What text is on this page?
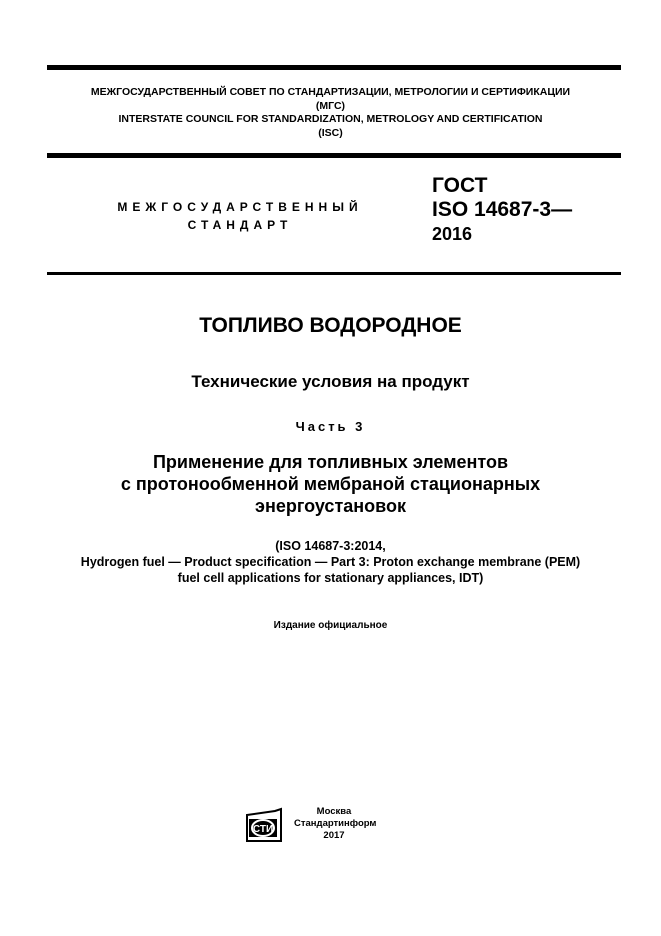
МЕЖГОСУДАРСТВЕННЫЙ СОВЕТ ПО СТАНДАРТИЗАЦИИ, МЕТРОЛОГИИ И СЕРТИФИКАЦИИ
(МГС)
INTERSTATE COUNCIL FOR STANDARDIZATION, METROLOGY AND CERTIFICATION
(ISC)
МЕЖГОСУДАРСТВЕННЫЙ
СТАНДАРТ
ГОСТ
ISO 14687-3—
2016
ТОПЛИВО ВОДОРОДНОЕ
Технические условия на продукт
Часть 3
Применение для топливных элементов
с протонообменной мембраной стационарных
энергоустановок
(ISO 14687-3:2014,
Hydrogen fuel — Product specification — Part 3: Proton exchange membrane (PEM)
fuel cell applications for stationary appliances, IDT)
Издание официальное
СТИ
Москва
Стандартинформ
2017
